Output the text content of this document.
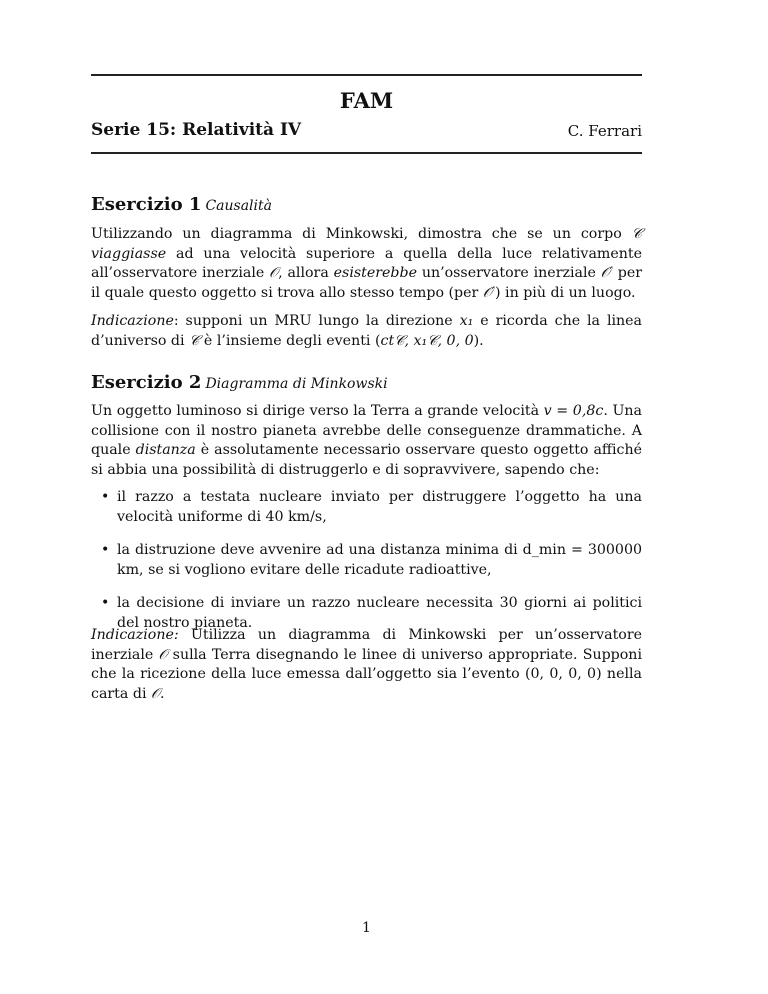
FAM
Serie 15: Relatività IV	C. Ferrari
Esercizio 1 Causalità

Utilizzando un diagramma di Minkowski, dimostra che se un corpo 𝒞 viaggiasse ad una velocità superiore a quella della luce relativamente all’osservatore inerziale 𝒪, allora esisterebbe un’osservatore inerziale 𝒪′ per il quale questo oggetto si trova allo stesso tempo (per 𝒪′) in più di un luogo.

Indicazione: supponi un MRU lungo la direzione x₁ e ricorda che la linea d’universo di 𝒞 è l’insieme degli eventi (ct𝒞, x₁𝒞, 0, 0).

Esercizio 2 Diagramma di Minkowski

Un oggetto luminoso si dirige verso la Terra a grande velocità v = 0,8c. Una collisione con il nostro pianeta avrebbe delle conseguenze drammatiche. A quale distanza è assolutamente necessario osservare questo oggetto affiché si abbia una possibilità di distruggerlo e di sopravvivere, sapendo che:

• il razzo a testata nucleare inviato per distruggere l’oggetto ha una velocità uniforme di 40 km/s,
• la distruzione deve avvenire ad una distanza minima di d_min = 300000 km, se si vogliono evitare delle ricadute radioattive,
• la decisione di inviare un razzo nucleare necessita 30 giorni ai politici del nostro pianeta.

Indicazione: Utilizza un diagramma di Minkowski per un’osservatore inerziale 𝒪 sulla Terra disegnando le linee di universo appropriate. Supponi che la ricezione della luce emessa dall’oggetto sia l’evento (0, 0, 0, 0) nella carta di 𝒪.

1
